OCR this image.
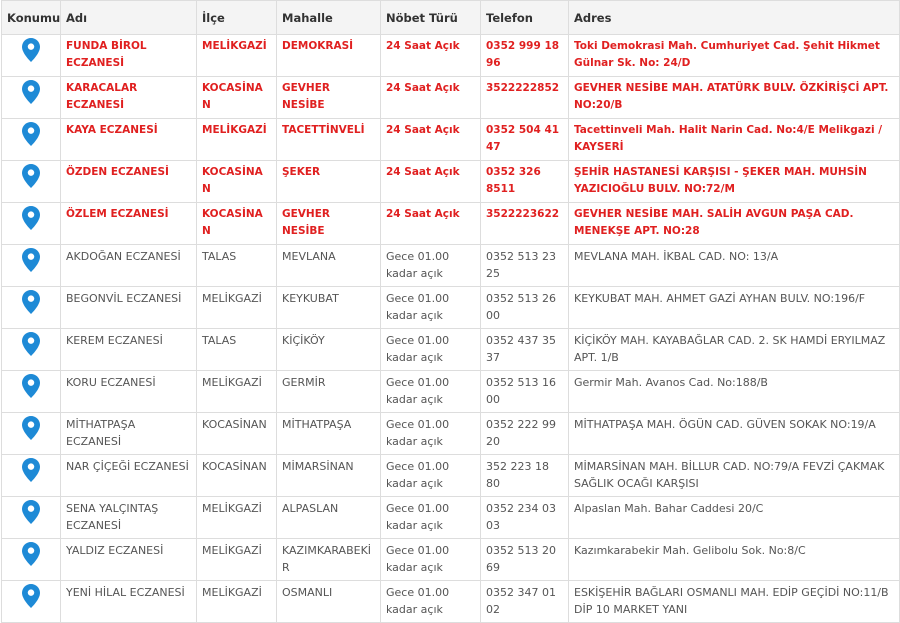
Konumu	Adı	İlçe	Mahalle	Nöbet Türü	Telefon	Adres
	FUNDA BİROL ECZANESİ	MELİKGAZİ	DEMOKRASİ	24 Saat Açık	0352 999 18 96	Toki Demokrasi Mah. Cumhuriyet Cad. Şehit Hikmet Gülnar Sk. No: 24/D
	KARACALAR ECZANESİ	KOCASİNAN	GEVHER NESİBE	24 Saat Açık	3522222852	GEVHER NESİBE MAH. ATATÜRK BULV. ÖZKİRİŞCİ APT. NO:20/B
	KAYA ECZANESİ	MELİKGAZİ	TACETTİNVELİ	24 Saat Açık	0352 504 41 47	Tacettinveli Mah. Halit Narin Cad. No:4/E Melikgazi / KAYSERİ
	ÖZDEN ECZANESİ	KOCASİNAN	ŞEKER	24 Saat Açık	0352 326 8511	ŞEHİR HASTANESİ KARŞISI - ŞEKER MAH. MUHSİN YAZICIOĞLU BULV. NO:72/M
	ÖZLEM ECZANESİ	KOCASİNAN	GEVHER NESİBE	24 Saat Açık	3522223622	GEVHER NESİBE MAH. SALİH AVGUN PAŞA CAD. MENEKŞE APT. NO:28
	AKDOĞAN ECZANESİ	TALAS	MEVLANA	Gece 01.00 kadar açık	0352 513 23 25	MEVLANA MAH. İKBAL CAD. NO: 13/A
	BEGONVİL ECZANESİ	MELİKGAZİ	KEYKUBAT	Gece 01.00 kadar açık	0352 513 26 00	KEYKUBAT MAH. AHMET GAZİ AYHAN BULV. NO:196/F
	KEREM ECZANESİ	TALAS	KİÇİKÖY	Gece 01.00 kadar açık	0352 437 35 37	KİÇİKÖY MAH. KAYABAĞLAR CAD. 2. SK HAMDİ ERYILMAZ APT. 1/B
	KORU ECZANESİ	MELİKGAZİ	GERMİR	Gece 01.00 kadar açık	0352 513 16 00	Germir Mah. Avanos Cad. No:188/B
	MİTHATPAŞA ECZANESİ	KOCASİNAN	MİTHATPAŞA	Gece 01.00 kadar açık	0352 222 99 20	MİTHATPAŞA MAH. ÖGÜN CAD. GÜVEN SOKAK NO:19/A
	NAR ÇİÇEĞİ ECZANESİ	KOCASİNAN	MİMARSİNAN	Gece 01.00 kadar açık	352 223 18 80	MİMARSİNAN MAH. BİLLUR CAD. NO:79/A FEVZİ ÇAKMAK SAĞLIK OCAĞI KARŞISI
	SENA YALÇINTAŞ ECZANESİ	MELİKGAZİ	ALPASLAN	Gece 01.00 kadar açık	0352 234 03 03	Alpaslan Mah. Bahar Caddesi 20/C
	YALDIZ ECZANESİ	MELİKGAZİ	KAZIMKARABEKİR	Gece 01.00 kadar açık	0352 513 20 69	Kazımkarabekir Mah. Gelibolu Sok. No:8/C
	YENİ HİLAL ECZANESİ	MELİKGAZİ	OSMANLI	Gece 01.00 kadar açık	0352 347 01 02	ESKİŞEHİR BAĞLARI OSMANLI MAH. EDİP GEÇİDİ NO:11/B DİP 10 MARKET YANI
